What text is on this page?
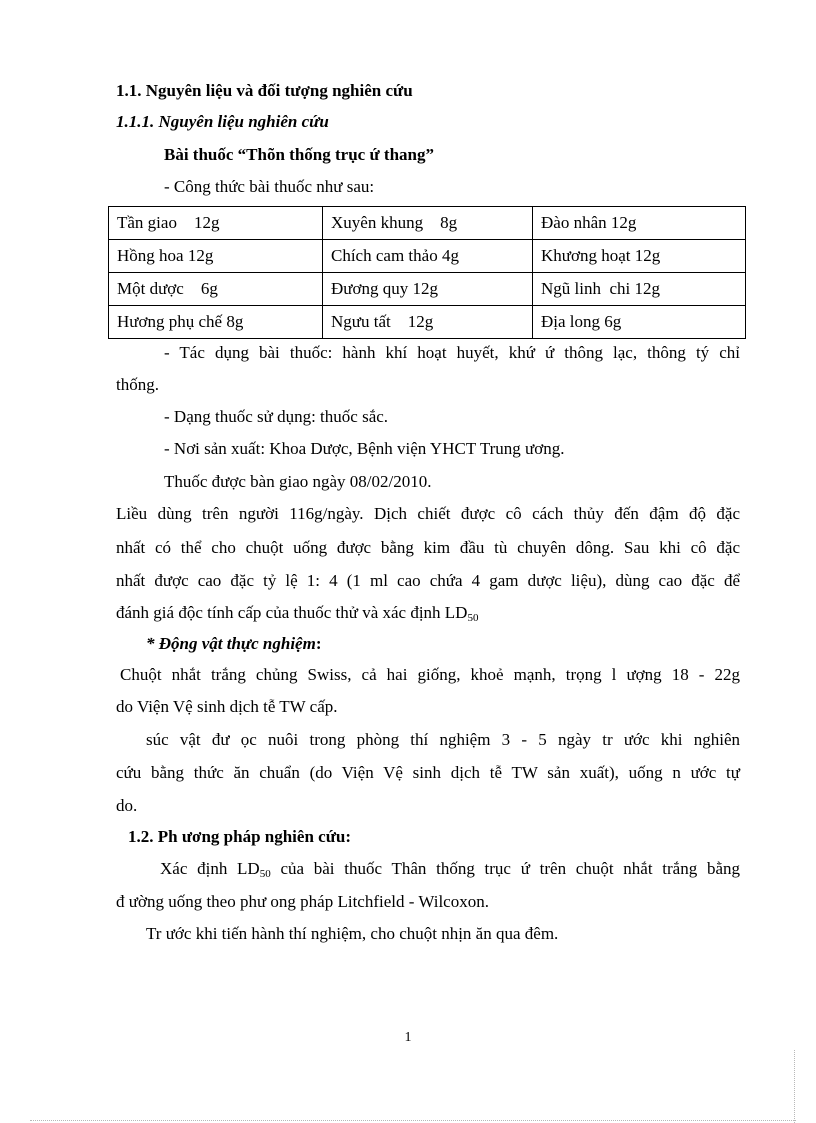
1.1. Nguyên liệu và đối tượng nghiên cứu
1.1.1. Nguyên liệu nghiên cứu
Bài thuốc “Thõn thống trục ứ thang”
- Công thức bài thuốc như sau:
Tần giao    12g	Xuyên khung    8g	Đào nhân 12g
Hồng hoa 12g	Chích cam thảo 4g	Khương hoạt 12g
Một dược    6g	Đương quy 12g	Ngũ linh  chi 12g
Hương phụ chế 8g	Ngưu tất    12g	Địa long 6g
- Tác dụng bài thuốc: hành khí hoạt huyết, khứ ứ thông lạc, thông tý chỉ
thống.
- Dạng thuốc sử dụng: thuốc sắc.
- Nơi sản xuất: Khoa Dược, Bệnh viện YHCT Trung ương.
Thuốc được bàn giao ngày 08/02/2010.
Liều dùng trên người 116g/ngày. Dịch chiết được cô cách thủy đến đậm độ đặc
nhất có thể cho chuột uống được bằng kim đầu tù chuyên dông. Sau khi cô đặc
nhất được cao đặc tỷ lệ 1: 4 (1 ml cao chứa 4 gam dược liệu), dùng cao đặc để
đánh giá độc tính cấp của thuốc thử và xác định $LD_{50}$
* Động vật thực nghiệm:
Chuột nhắt trắng chủng Swiss, cả hai giống, khoẻ mạnh, trọng l ượng 18 - 22g
do Viện Vệ sinh dịch tễ TW cấp.
súc vật đư ọc nuôi trong phòng thí nghiệm 3 - 5 ngày tr ước khi nghiên
cứu bằng thức ăn chuẩn (do Viện Vệ sinh dịch tễ TW sản xuất), uống n ước tự
do.
1.2. Ph ương pháp nghiên cứu:
Xác định $LD_{50}$ của bài thuốc Thân thống trục ứ trên chuột nhắt trắng bằng
đ ường uống theo phư ong pháp Litchfield - Wilcoxon.
Tr ước khi tiến hành thí nghiệm, cho chuột nhịn ăn qua đêm.
1
